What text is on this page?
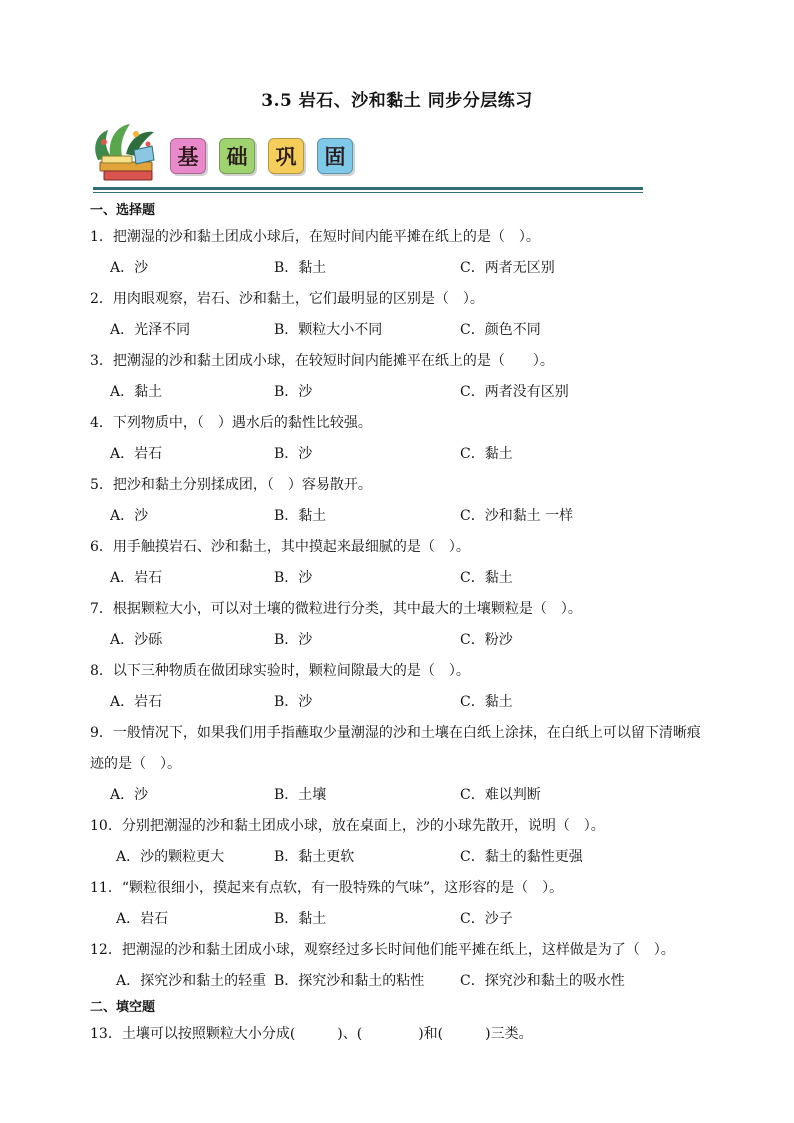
3.5 岩石、沙和黏土 同步分层练习
基	础	巩	固
一、选择题
1．把潮湿的沙和黏土团成小球后，在短时间内能平摊在纸上的是（　）。
A．沙	B．黏土	C．两者无区别
2．用肉眼观察，岩石、沙和黏土，它们最明显的区别是（　）。
A．光泽不同	B．颗粒大小不同	C．颜色不同
3．把潮湿的沙和黏土团成小球，在较短时间内能摊平在纸上的是（　　）。
A．黏土	B．沙	C．两者没有区别
4．下列物质中，（　）遇水后的黏性比较强。
A．岩石	B．沙	C．黏土
5．把沙和黏土分别揉成团，（　）容易散开。
A．沙	B．黏土	C．沙和黏土 一样
6．用手触摸岩石、沙和黏土，其中摸起来最细腻的是（　）。
A．岩石	B．沙	C．黏土
7．根据颗粒大小，可以对土壤的微粒进行分类，其中最大的土壤颗粒是（　）。
A．沙砾	B．沙	C．粉沙
8．以下三种物质在做团球实验时，颗粒间隙最大的是（　）。
A．岩石	B．沙	C．黏土
9．一般情况下，如果我们用手指蘸取少量潮湿的沙和土壤在白纸上涂抹，在白纸上可以留下清晰痕
迹的是（　）。
A．沙	B．土壤	C．难以判断
10．分别把潮湿的沙和黏土团成小球，放在桌面上，沙的小球先散开，说明（　）。
A．沙的颗粒更大	B．黏土更软	C．黏土的黏性更强
11．“颗粒很细小，摸起来有点软，有一股特殊的气味”，这形容的是（　）。
A．岩石	B．黏土	C．沙子
12．把潮湿的沙和黏土团成小球，观察经过多长时间他们能平摊在纸上，这样做是为了（　）。
A．探究沙和黏土的轻重 B．探究沙和黏土的粘性	C．探究沙和黏土的吸水性
二、填空题
13．土壤可以按照颗粒大小分成(　　　)、(　　　　)和(　　　)三类。
